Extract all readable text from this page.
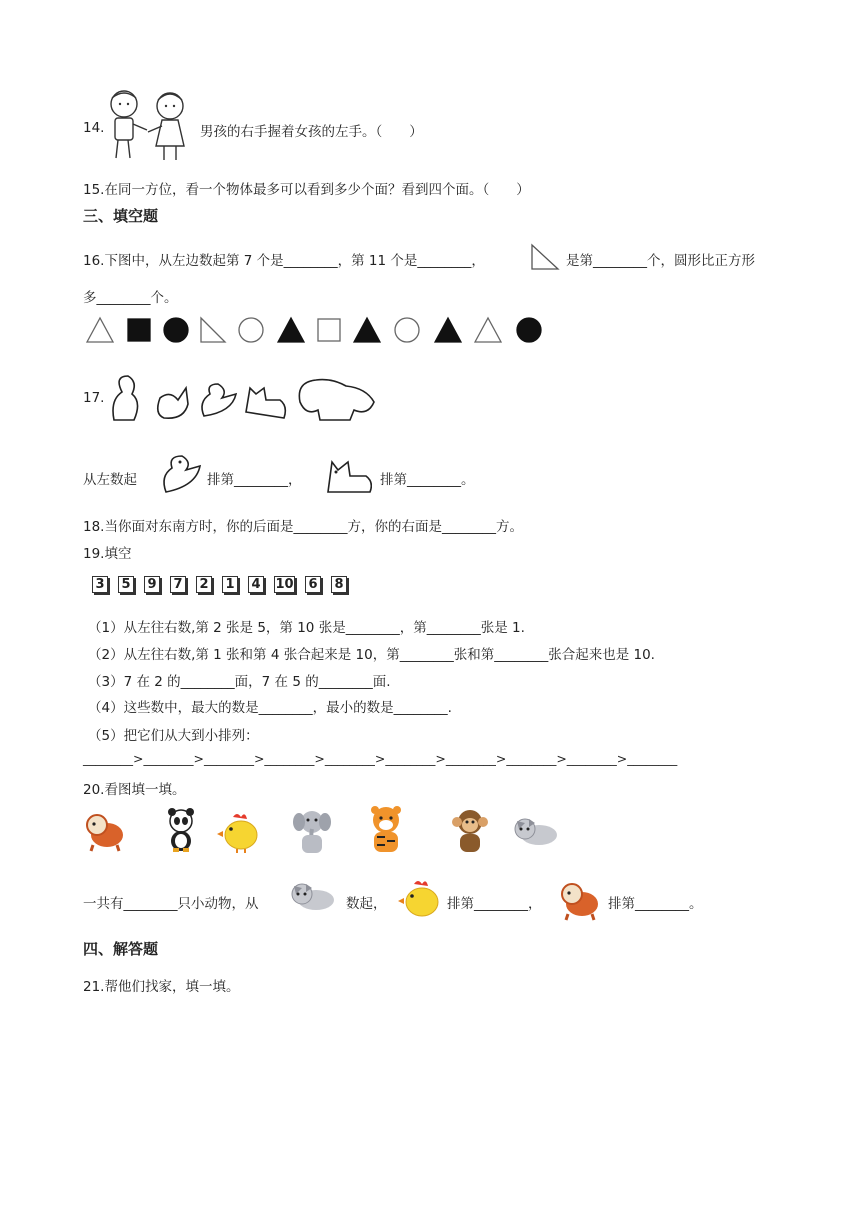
14.	男孩的右手握着女孩的左手。（　　）
15.在同一方位，看一个物体最多可以看到多少个面？看到四个面。（　　）
三、填空题
16.下图中，从左边数起第 7 个是________，第 11 个是________，	是第________个，圆形比正方形
多________个。
17.
从左数起	排第________，	排第________。
18.当你面对东南方时，你的后面是________方，你的右面是________方。
19.填空
3 5 9 7 2 1 4 10 6 8
（1）从左往右数,第 2 张是 5，第 10 张是________，第________张是 1.
（2）从左往右数,第 1 张和第 4 张合起来是 10，第________张和第________张合起来也是 10.
（3）7 在 2 的________面，7 在 5 的________面.
（4）这些数中，最大的数是________，最小的数是________.
（5）把它们从大到小排列：
________>________>________>________>________>________>________>________>________>________
20.看图填一填。
一共有________只小动物，从	数起，	排第________，	排第________。
四、解答题
21.帮他们找家，填一填。
